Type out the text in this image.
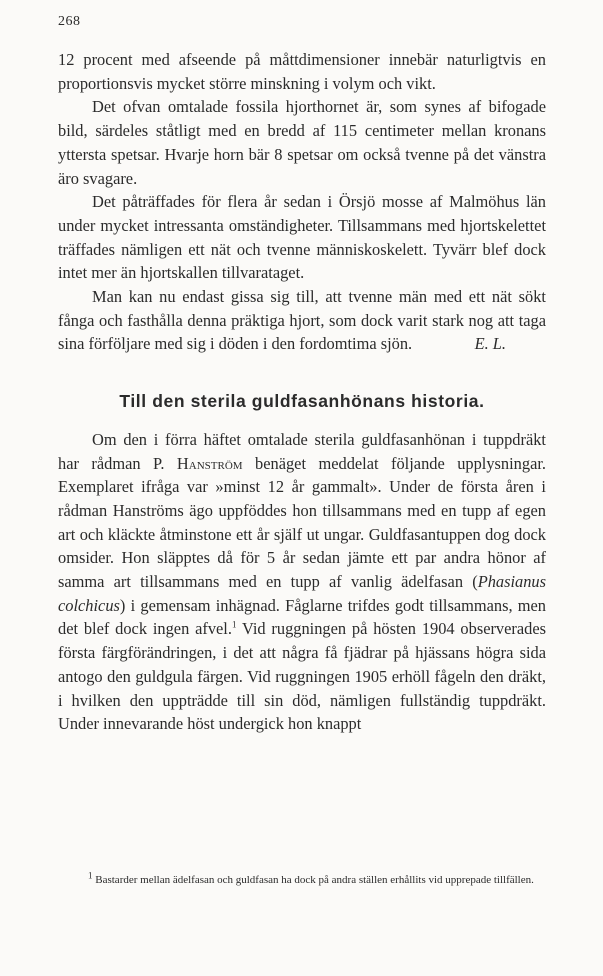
268

12 procent med afseende på måttdimensioner innebär naturligtvis en proportionsvis mycket större minskning i volym och vikt.

Det ofvan omtalade fossila hjorthornet är, som synes af bifogade bild, särdeles ståtligt med en bredd af 115 centimeter mellan kronans yttersta spetsar. Hvarje horn bär 8 spetsar om också tvenne på det vänstra äro svagare.

Det påträffades för flera år sedan i Örsjö mosse af Malmöhus län under mycket intressanta omständigheter. Tillsammans med hjortskelettet träffades nämligen ett nät och tvenne människoskelett. Tyvärr blef dock intet mer än hjortskallen tillvarataget.

Man kan nu endast gissa sig till, att tvenne män med ett nät sökt fånga och fasthålla denna präktiga hjort, som dock varit stark nog att taga sina förföljare med sig i döden i den fordomtima sjön.	E. L.

Till den sterila guldfasanhönans historia.

Om den i förra häftet omtalade sterila guldfasanhönan i tuppdräkt har rådman P. Hanström benäget meddelat följande upplysningar. Exemplaret ifråga var »minst 12 år gammalt». Under de första åren i rådman Hanströms ägo uppföddes hon tillsammans med en tupp af egen art och kläckte åtminstone ett år själf ut ungar. Guldfasantuppen dog dock omsider. Hon släpptes då för 5 år sedan jämte ett par andra hönor af samma art tillsammans med en tupp af vanlig ädelfasan (Phasianus colchicus) i gemensam inhägnad. Fåglarne trifdes godt tillsammans, men det blef dock ingen afvel.$^1$ Vid ruggningen på hösten 1904 observerades första färgförändringen, i det att några få fjädrar på hjässans högra sida antogo den guldgula färgen. Vid ruggningen 1905 erhöll fågeln den dräkt, i hvilken den uppträdde till sin död, nämligen fullständig tuppdräkt. Under innevarande höst undergick hon knappt

$^1$ Bastarder mellan ädelfasan och guldfasan ha dock på andra ställen erhållits vid upprepade tillfällen.
